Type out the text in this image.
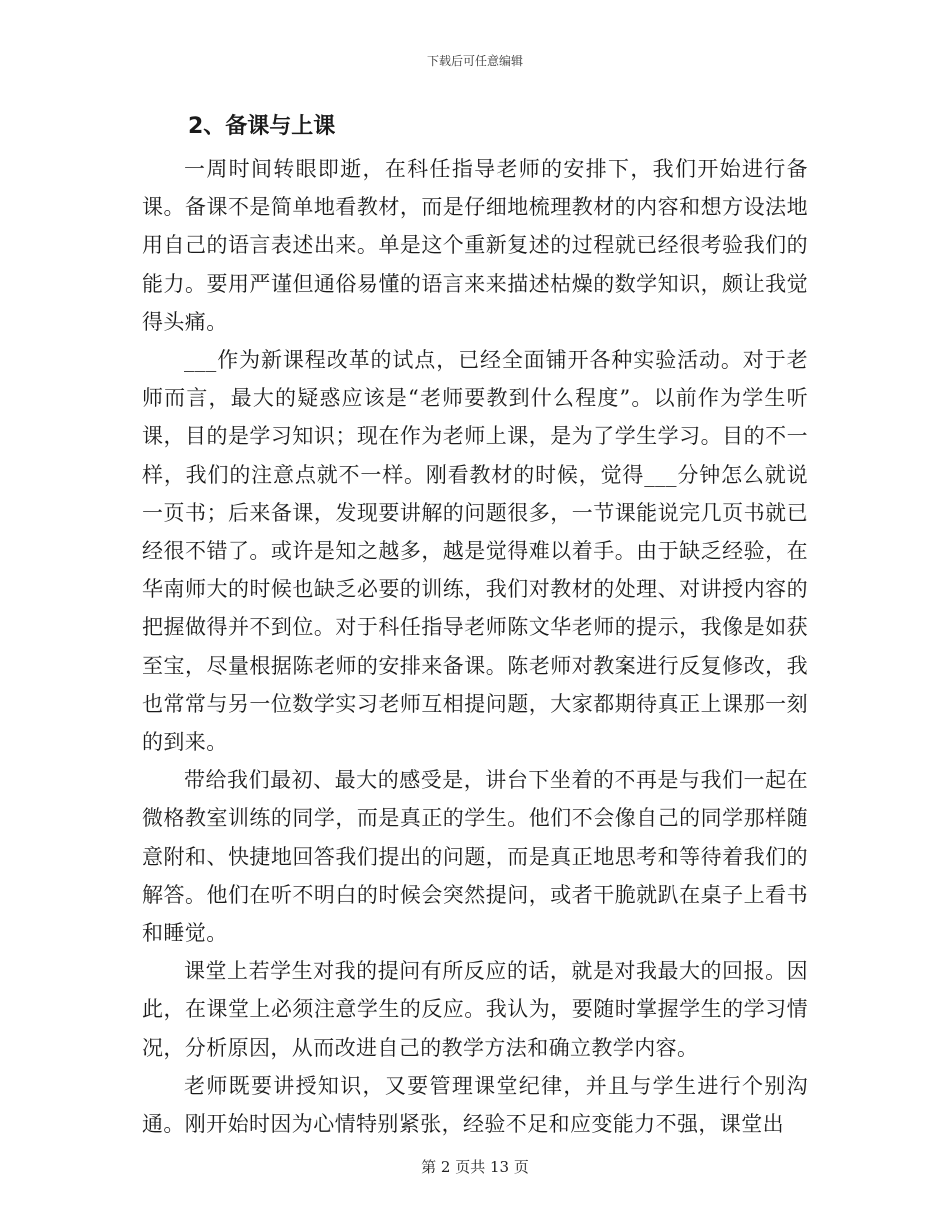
下载后可任意编辑
2、备课与上课

一周时间转眼即逝，在科任指导老师的安排下，我们开始进行备课。备课不是简单地看教材，而是仔细地梳理教材的内容和想方设法地用自己的语言表述出来。单是这个重新复述的过程就已经很考验我们的能力。要用严谨但通俗易懂的语言来来描述枯燥的数学知识，颇让我觉得头痛。

___作为新课程改革的试点，已经全面铺开各种实验活动。对于老师而言，最大的疑惑应该是“老师要教到什么程度”。以前作为学生听课，目的是学习知识；现在作为老师上课，是为了学生学习。目的不一样，我们的注意点就不一样。刚看教材的时候，觉得___分钟怎么就说一页书；后来备课，发现要讲解的问题很多，一节课能说完几页书就已经很不错了。或许是知之越多，越是觉得难以着手。由于缺乏经验，在华南师大的时候也缺乏必要的训练，我们对教材的处理、对讲授内容的把握做得并不到位。对于科任指导老师陈文华老师的提示，我像是如获至宝，尽量根据陈老师的安排来备课。陈老师对教案进行反复修改，我也常常与另一位数学实习老师互相提问题，大家都期待真正上课那一刻的到来。

带给我们最初、最大的感受是，讲台下坐着的不再是与我们一起在微格教室训练的同学，而是真正的学生。他们不会像自己的同学那样随意附和、快捷地回答我们提出的问题，而是真正地思考和等待着我们的解答。他们在听不明白的时候会突然提问，或者干脆就趴在桌子上看书和睡觉。

课堂上若学生对我的提问有所反应的话，就是对我最大的回报。因此，在课堂上必须注意学生的反应。我认为，要随时掌握学生的学习情况，分析原因，从而改进自己的教学方法和确立教学内容。

老师既要讲授知识，又要管理课堂纪律，并且与学生进行个别沟通。刚开始时因为心情特别紧张，经验不足和应变能力不强，课堂出

第 2 页共 13 页
